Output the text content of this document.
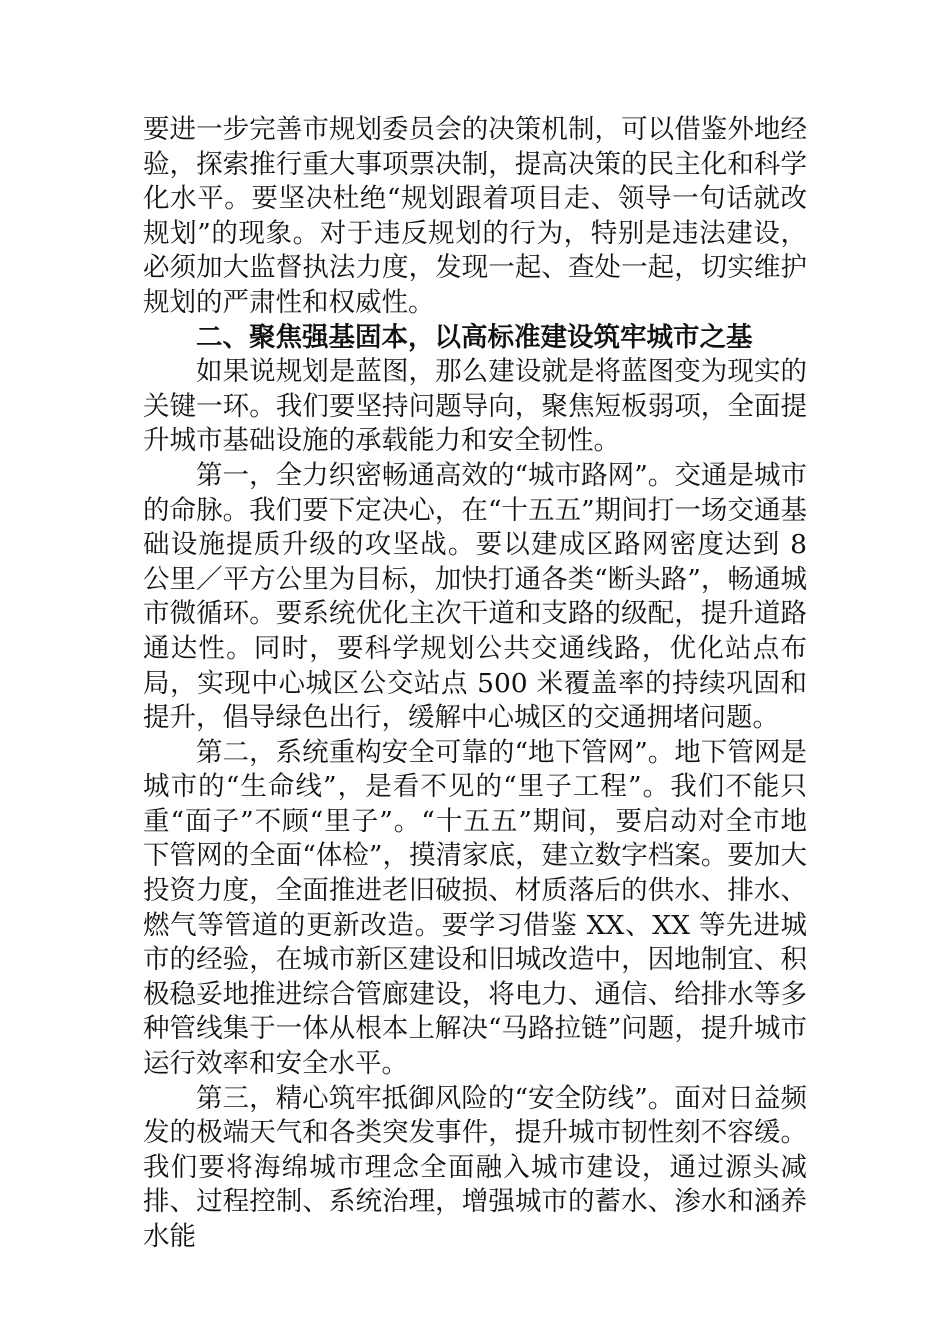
要进一步完善市规划委员会的决策机制，可以借鉴外地经验，探索推行重大事项票决制，提高决策的民主化和科学化水平。要坚决杜绝“规划跟着项目走、领导一句话就改规划”的现象。对于违反规划的行为，特别是违法建设，必须加大监督执法力度，发现一起、查处一起，切实维护规划的严肃性和权威性。

二、聚焦强基固本，以高标准建设筑牢城市之基

如果说规划是蓝图，那么建设就是将蓝图变为现实的关键一环。我们要坚持问题导向，聚焦短板弱项，全面提升城市基础设施的承载能力和安全韧性。

第一，全力织密畅通高效的“城市路网”。交通是城市的命脉。我们要下定决心，在“十五五”期间打一场交通基础设施提质升级的攻坚战。要以建成区路网密度达到 8 公里／平方公里为目标，加快打通各类“断头路”，畅通城市微循环。要系统优化主次干道和支路的级配，提升道路通达性。同时，要科学规划公共交通线路，优化站点布局，实现中心城区公交站点 500 米覆盖率的持续巩固和提升，倡导绿色出行，缓解中心城区的交通拥堵问题。

第二，系统重构安全可靠的“地下管网”。地下管网是城市的“生命线”，是看不见的“里子工程”。我们不能只重“面子”不顾“里子”。“十五五”期间，要启动对全市地下管网的全面“体检”，摸清家底，建立数字档案。要加大投资力度，全面推进老旧破损、材质落后的供水、排水、燃气等管道的更新改造。要学习借鉴 XX、XX 等先进城市的经验，在城市新区建设和旧城改造中，因地制宜、积极稳妥地推进综合管廊建设，将电力、通信、给排水等多种管线集于一体从根本上解决“马路拉链”问题，提升城市运行效率和安全水平。

第三，精心筑牢抵御风险的“安全防线”。面对日益频发的极端天气和各类突发事件，提升城市韧性刻不容缓。我们要将海绵城市理念全面融入城市建设，通过源头减排、过程控制、系统治理，增强城市的蓄水、渗水和涵养水能
